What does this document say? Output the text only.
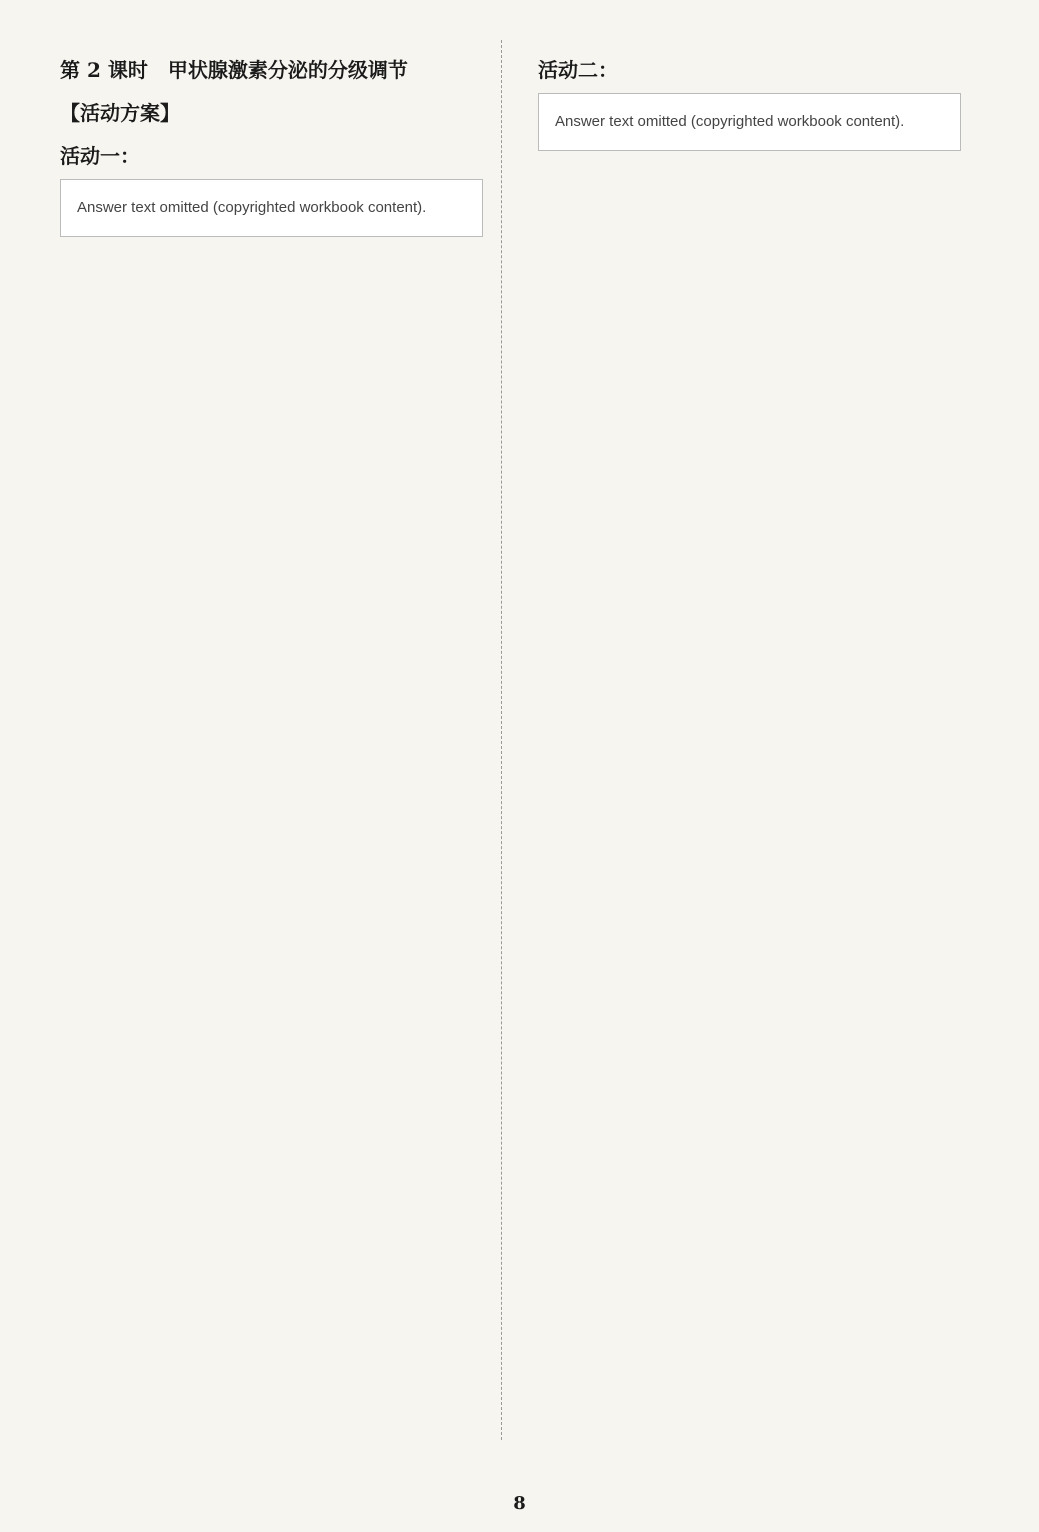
第 2 课时　甲状腺激素分泌的分级调节
【活动方案】
活动一：
Answer text omitted (copyrighted workbook content).
活动二：
Answer text omitted (copyrighted workbook content).
8
